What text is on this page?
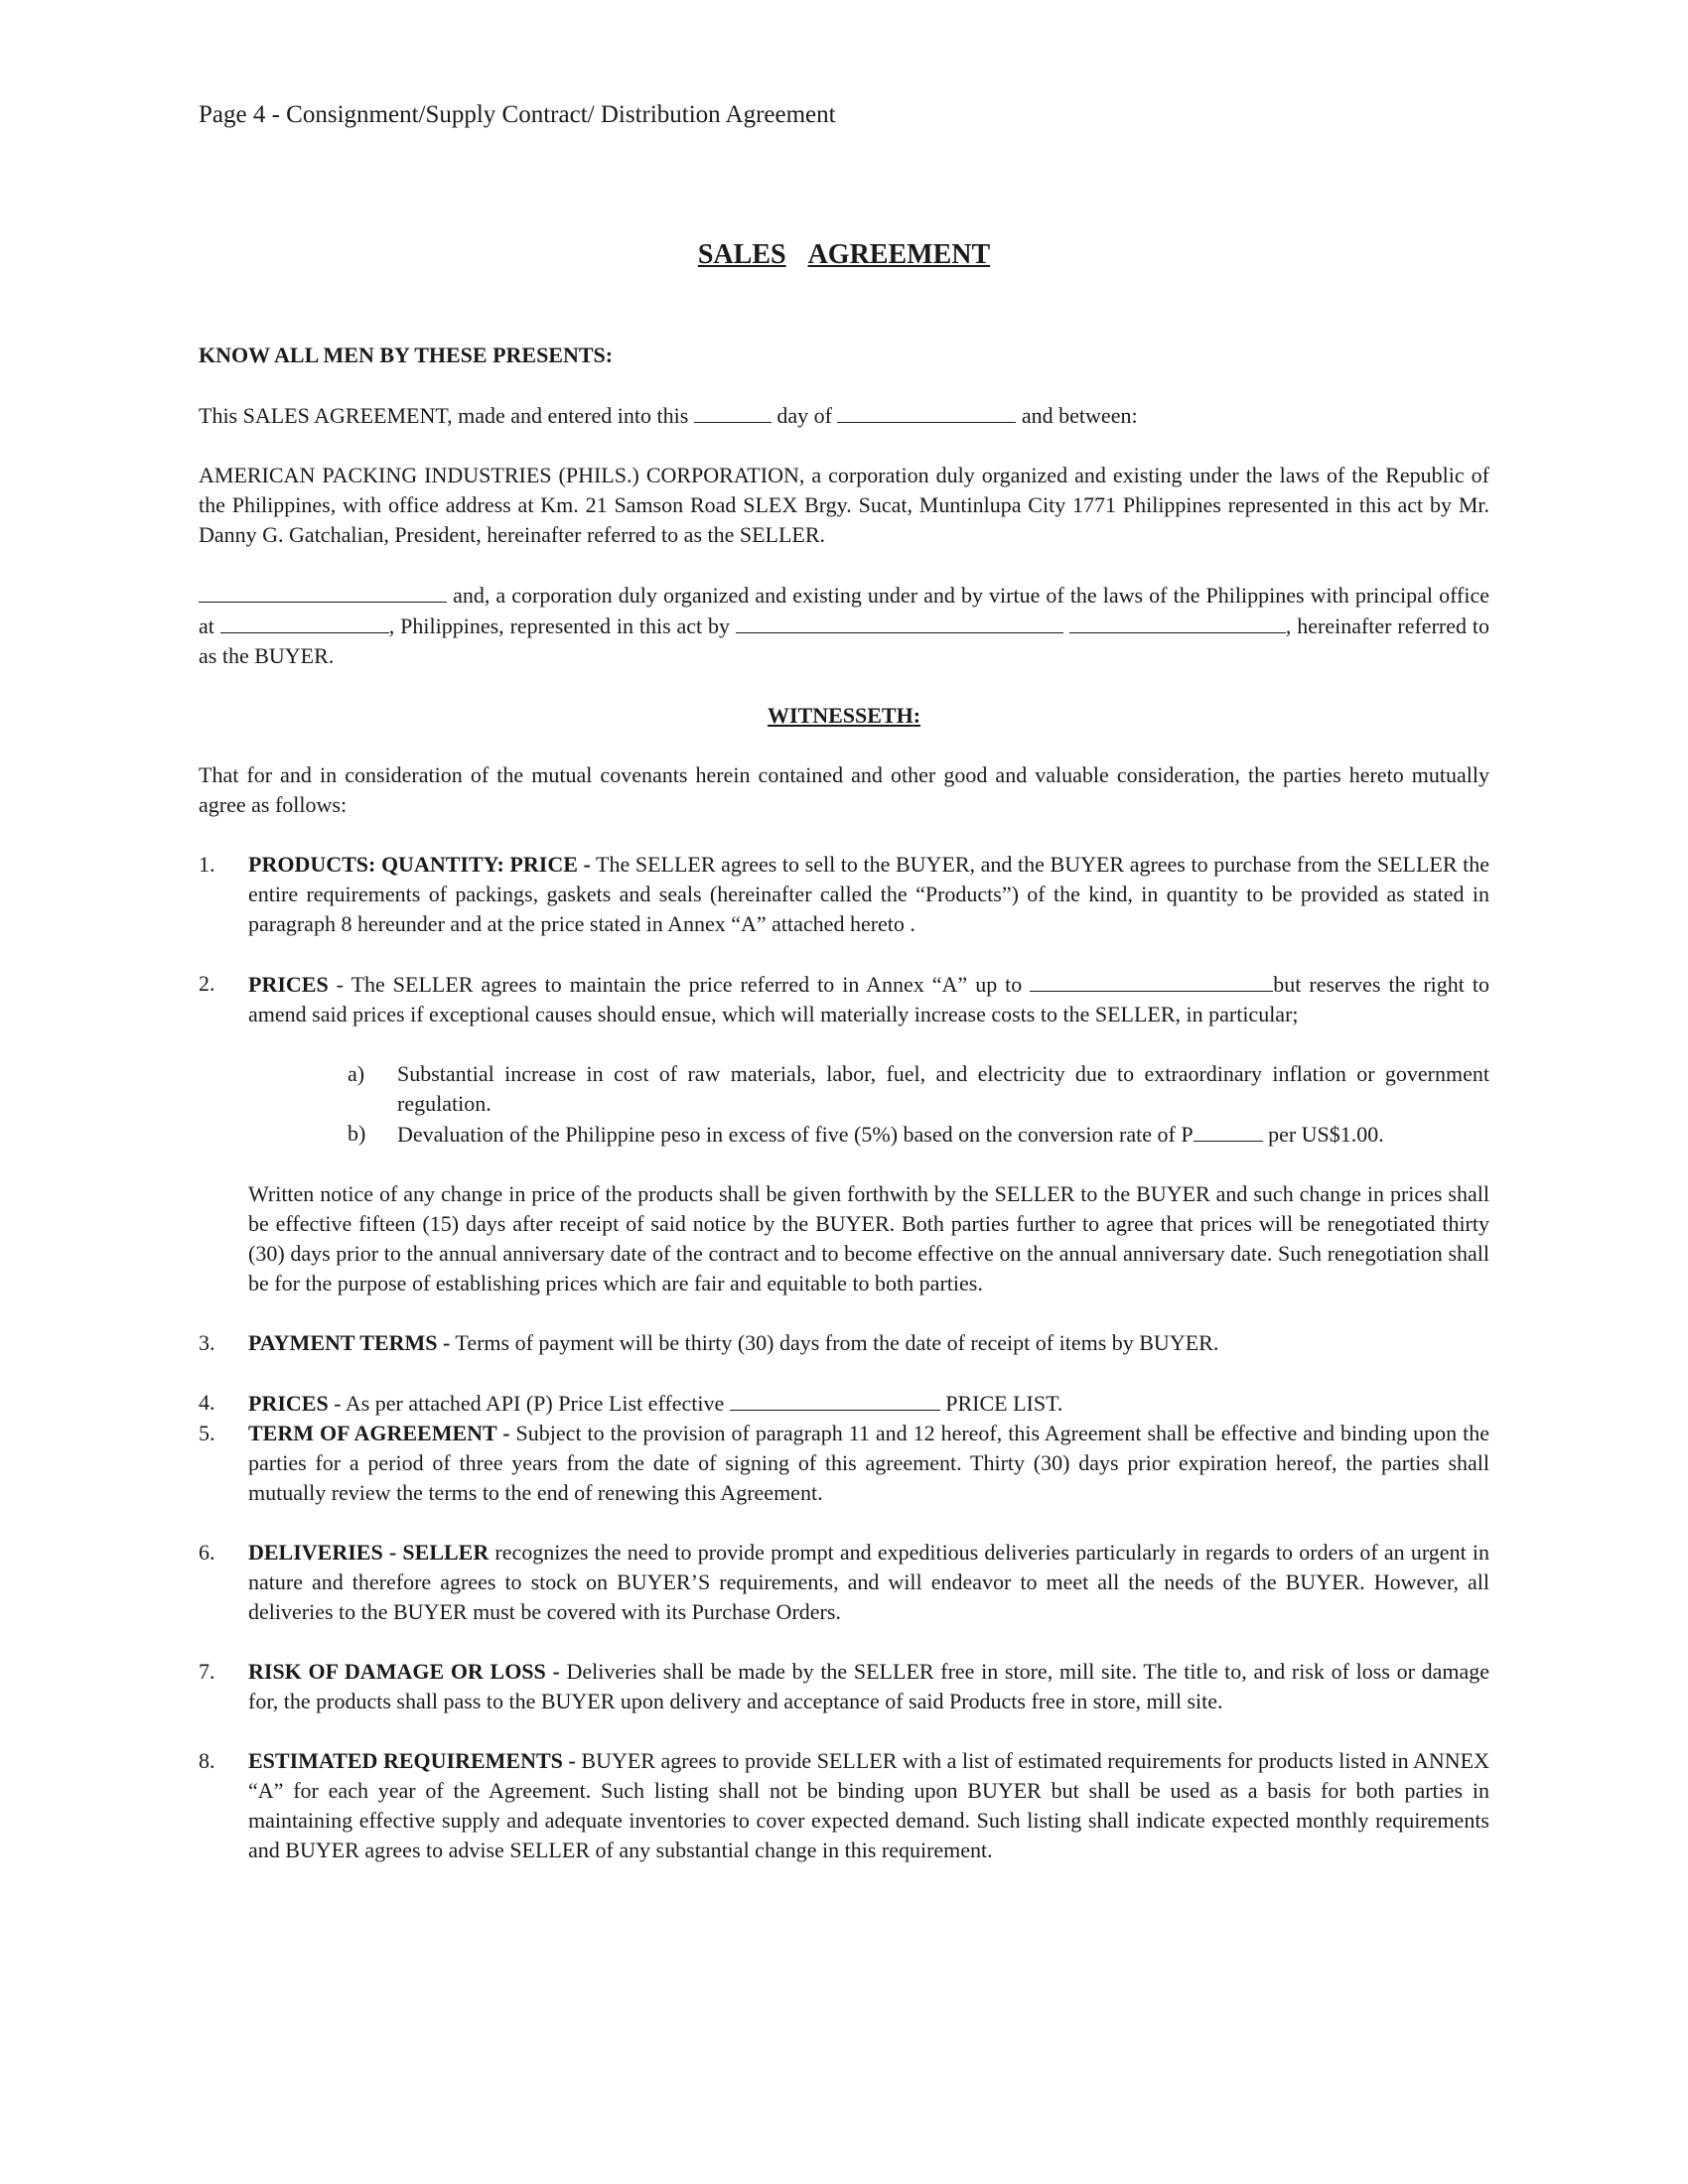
Page 4 - Consignment/Supply Contract/ Distribution Agreement
SALES AGREEMENT

KNOW ALL MEN BY THESE PRESENTS:

This SALES AGREEMENT, made and entered into this	day of	and between:

AMERICAN PACKING INDUSTRIES (PHILS.) CORPORATION, a corporation duly organized and existing under the laws of the Republic of the Philippines, with office address at Km. 21 Samson Road SLEX Brgy. Sucat, Muntinlupa City 1771 Philippines represented in this act by Mr. Danny G. Gatchalian, President, hereinafter referred to as the SELLER.

and, a corporation duly organized and existing under and by virtue of the laws of the Philippines with principal office at	, Philippines, represented in this act by	, hereinafter referred to as the BUYER.

WITNESSETH:

That for and in consideration of the mutual covenants herein contained and other good and valuable consideration, the parties hereto mutually agree as follows:

1. PRODUCTS: QUANTITY: PRICE - The SELLER agrees to sell to the BUYER, and the BUYER agrees to purchase from the SELLER the entire requirements of packings, gaskets and seals (hereinafter called the “Products”) of the kind, in quantity to be provided as stated in paragraph 8 hereunder and at the price stated in Annex “A” attached hereto .
2. PRICES - The SELLER agrees to maintain the price referred to in Annex “A” up to	but reserves the right to amend said prices if exceptional causes should ensue, which will materially increase costs to the SELLER, in particular;
a) Substantial increase in cost of raw materials, labor, fuel, and electricity due to extraordinary inflation or government regulation.
b) Devaluation of the Philippine peso in excess of five (5%) based on the conversion rate of P	per US$1.00.

Written notice of any change in price of the products shall be given forthwith by the SELLER to the BUYER and such change in prices shall be effective fifteen (15) days after receipt of said notice by the BUYER. Both parties further to agree that prices will be renegotiated thirty (30) days prior to the annual anniversary date of the contract and to become effective on the annual anniversary date. Such renegotiation shall be for the purpose of establishing prices which are fair and equitable to both parties.

3. PAYMENT TERMS - Terms of payment will be thirty (30) days from the date of receipt of items by BUYER.
4. PRICES - As per attached API (P) Price List effective	PRICE LIST.
5. TERM OF AGREEMENT - Subject to the provision of paragraph 11 and 12 hereof, this Agreement shall be effective and binding upon the parties for a period of three years from the date of signing of this agreement. Thirty (30) days prior expiration hereof, the parties shall mutually review the terms to the end of renewing this Agreement.
6. DELIVERIES - SELLER recognizes the need to provide prompt and expeditious deliveries particularly in regards to orders of an urgent in nature and therefore agrees to stock on BUYER’S requirements, and will endeavor to meet all the needs of the BUYER. However, all deliveries to the BUYER must be covered with its Purchase Orders.
7. RISK OF DAMAGE OR LOSS - Deliveries shall be made by the SELLER free in store, mill site. The title to, and risk of loss or damage for, the products shall pass to the BUYER upon delivery and acceptance of said Products free in store, mill site.
8. ESTIMATED REQUIREMENTS - BUYER agrees to provide SELLER with a list of estimated requirements for products listed in ANNEX “A” for each year of the Agreement. Such listing shall not be binding upon BUYER but shall be used as a basis for both parties in maintaining effective supply and adequate inventories to cover expected demand. Such listing shall indicate expected monthly requirements and BUYER agrees to advise SELLER of any substantial change in this requirement.
